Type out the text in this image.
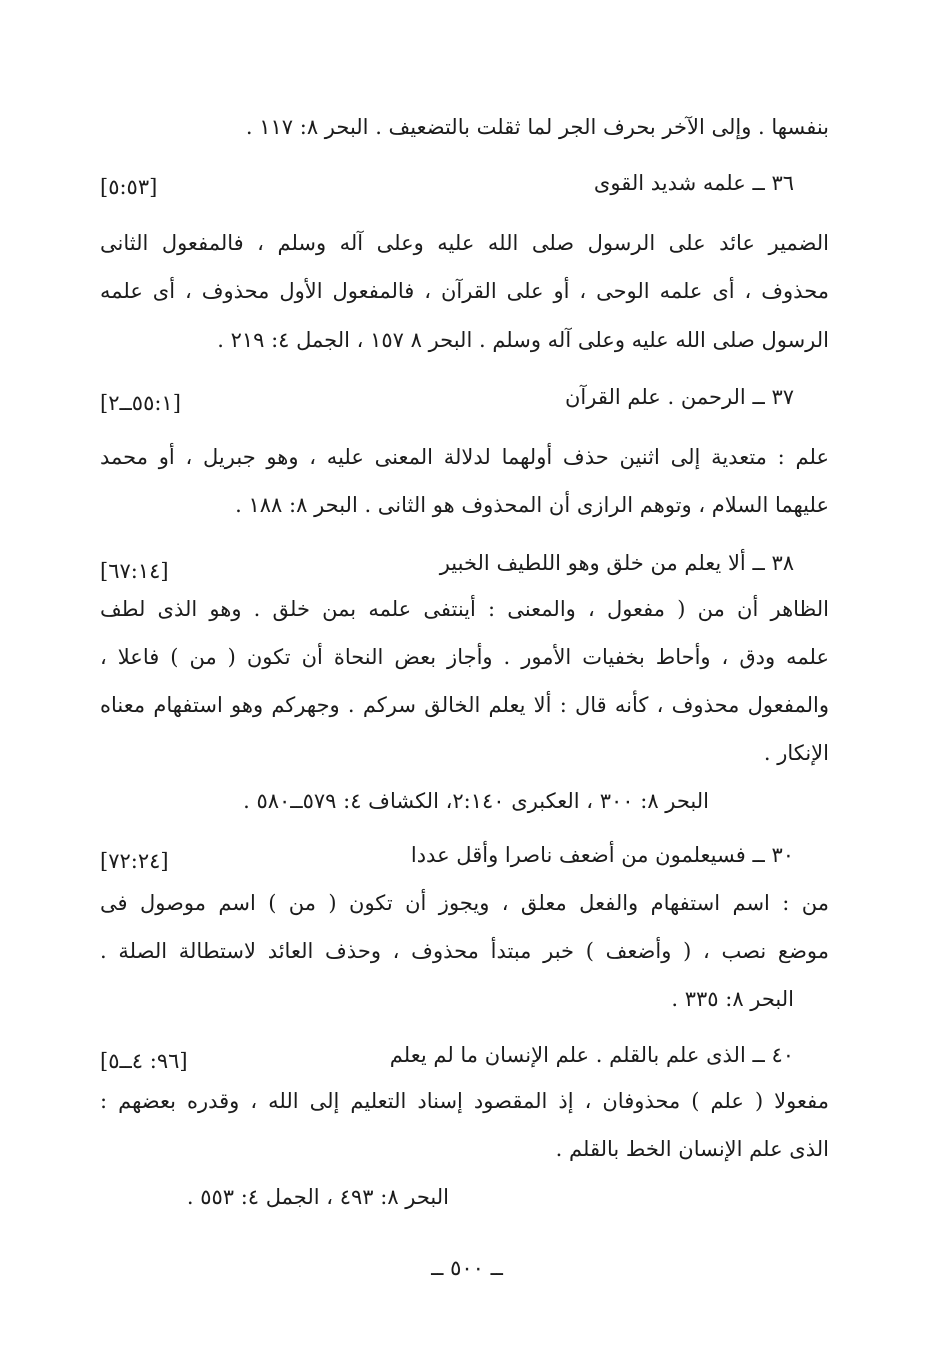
بنفسها . وإلى الآخر بحرف الجر لما ثقلت بالتضعيف . البحر ٨: ١١٧ .
٣٦ ــ علمه شديد القوى
[٥:٥٣]
الضمير عائد على الرسول صلى الله عليه وعلى آله وسلم ، فالمفعول الثانى
محذوف ، أى علمه الوحى ، أو على القرآن ، فالمفعول الأول محذوف ، أى علمه
الرسول صلى الله عليه وعلى آله وسلم . البحر ٨ ١٥٧ ، الجمل ٤: ٢١٩ .
٣٧ ــ الرحمن . علم القرآن
[٥٥:١ــ٢]
علم : متعدية إلى اثنين حذف أولهما لدلالة المعنى عليه ، وهو جبريل ، أو محمد
عليهما السلام ، وتوهم الرازى أن المحذوف هو الثانى . البحر ٨: ١٨٨ .
٣٨ ــ ألا يعلم من خلق وهو اللطيف الخبير
[٦٧:١٤]
الظاهر أن من ( مفعول ، والمعنى : أينتفى علمه بمن خلق . وهو الذى لطف
علمه ودق ، وأحاط بخفيات الأمور . وأجاز بعض النحاة أن تكون ( من ) فاعلا ،
والمفعول محذوف ، كأنه قال : ألا يعلم الخالق سركم . وجهركم وهو استفهام معناه
الإنكار .
البحر ٨: ٣٠٠ ، العكبرى ٢:١٤٠، الكشاف ٤: ٥٧٩ــ٥٨٠ .
٣٠ ــ فسيعلمون من أضعف ناصرا وأقل عددا
[٧٢:٢٤]
من : اسم استفهام والفعل معلق ، ويجوز أن تكون ( من ) اسم موصول فى
موضع نصب ، ( وأضعف ) خبر مبتدأ محذوف ، وحذف العائد لاستطالة الصلة .
البحر ٨: ٣٣٥ .
٤٠ ــ الذى علم بالقلم . علم الإنسان ما لم يعلم
[٩٦: ٤ــ٥]
مفعولا ( علم ) محذوفان ، إذ المقصود إسناد التعليم إلى الله ، وقدره بعضهم :
الذى علم الإنسان الخط بالقلم .
البحر ٨: ٤٩٣ ، الجمل ٤: ٥٥٣ .
ــ ٥٠٠ ــ
